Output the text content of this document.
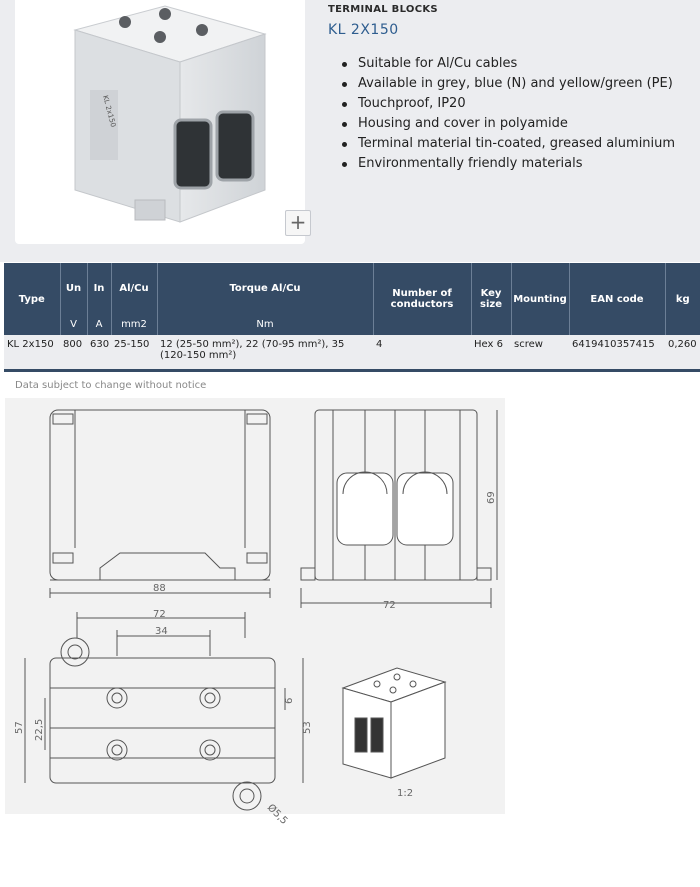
KL 2x150
+
TERMINAL BLOCKS
KL 2X150
Suitable for Al/Cu cables
Available in grey, blue (N) and yellow/green (PE)
Touchproof, IP20
Housing and cover in polyamide
Terminal material tin-coated, greased aluminium
Environmentally friendly materials
Type	Un	In	Al/Cu	Torque Al/Cu	Number of conductors	Key size	Mounting	EAN code	kg
	V	A	mm2	Nm					
KL 2x150	800	630	25-150	12 (25-50 mm²), 22 (70-95 mm²), 35 (120-150 mm²)	4	Hex 6	screw	6419410357415	0,260
Data subject to change without notice
88
72
69
72
34
57 22,5	53
6
Ø5,5
1:2
